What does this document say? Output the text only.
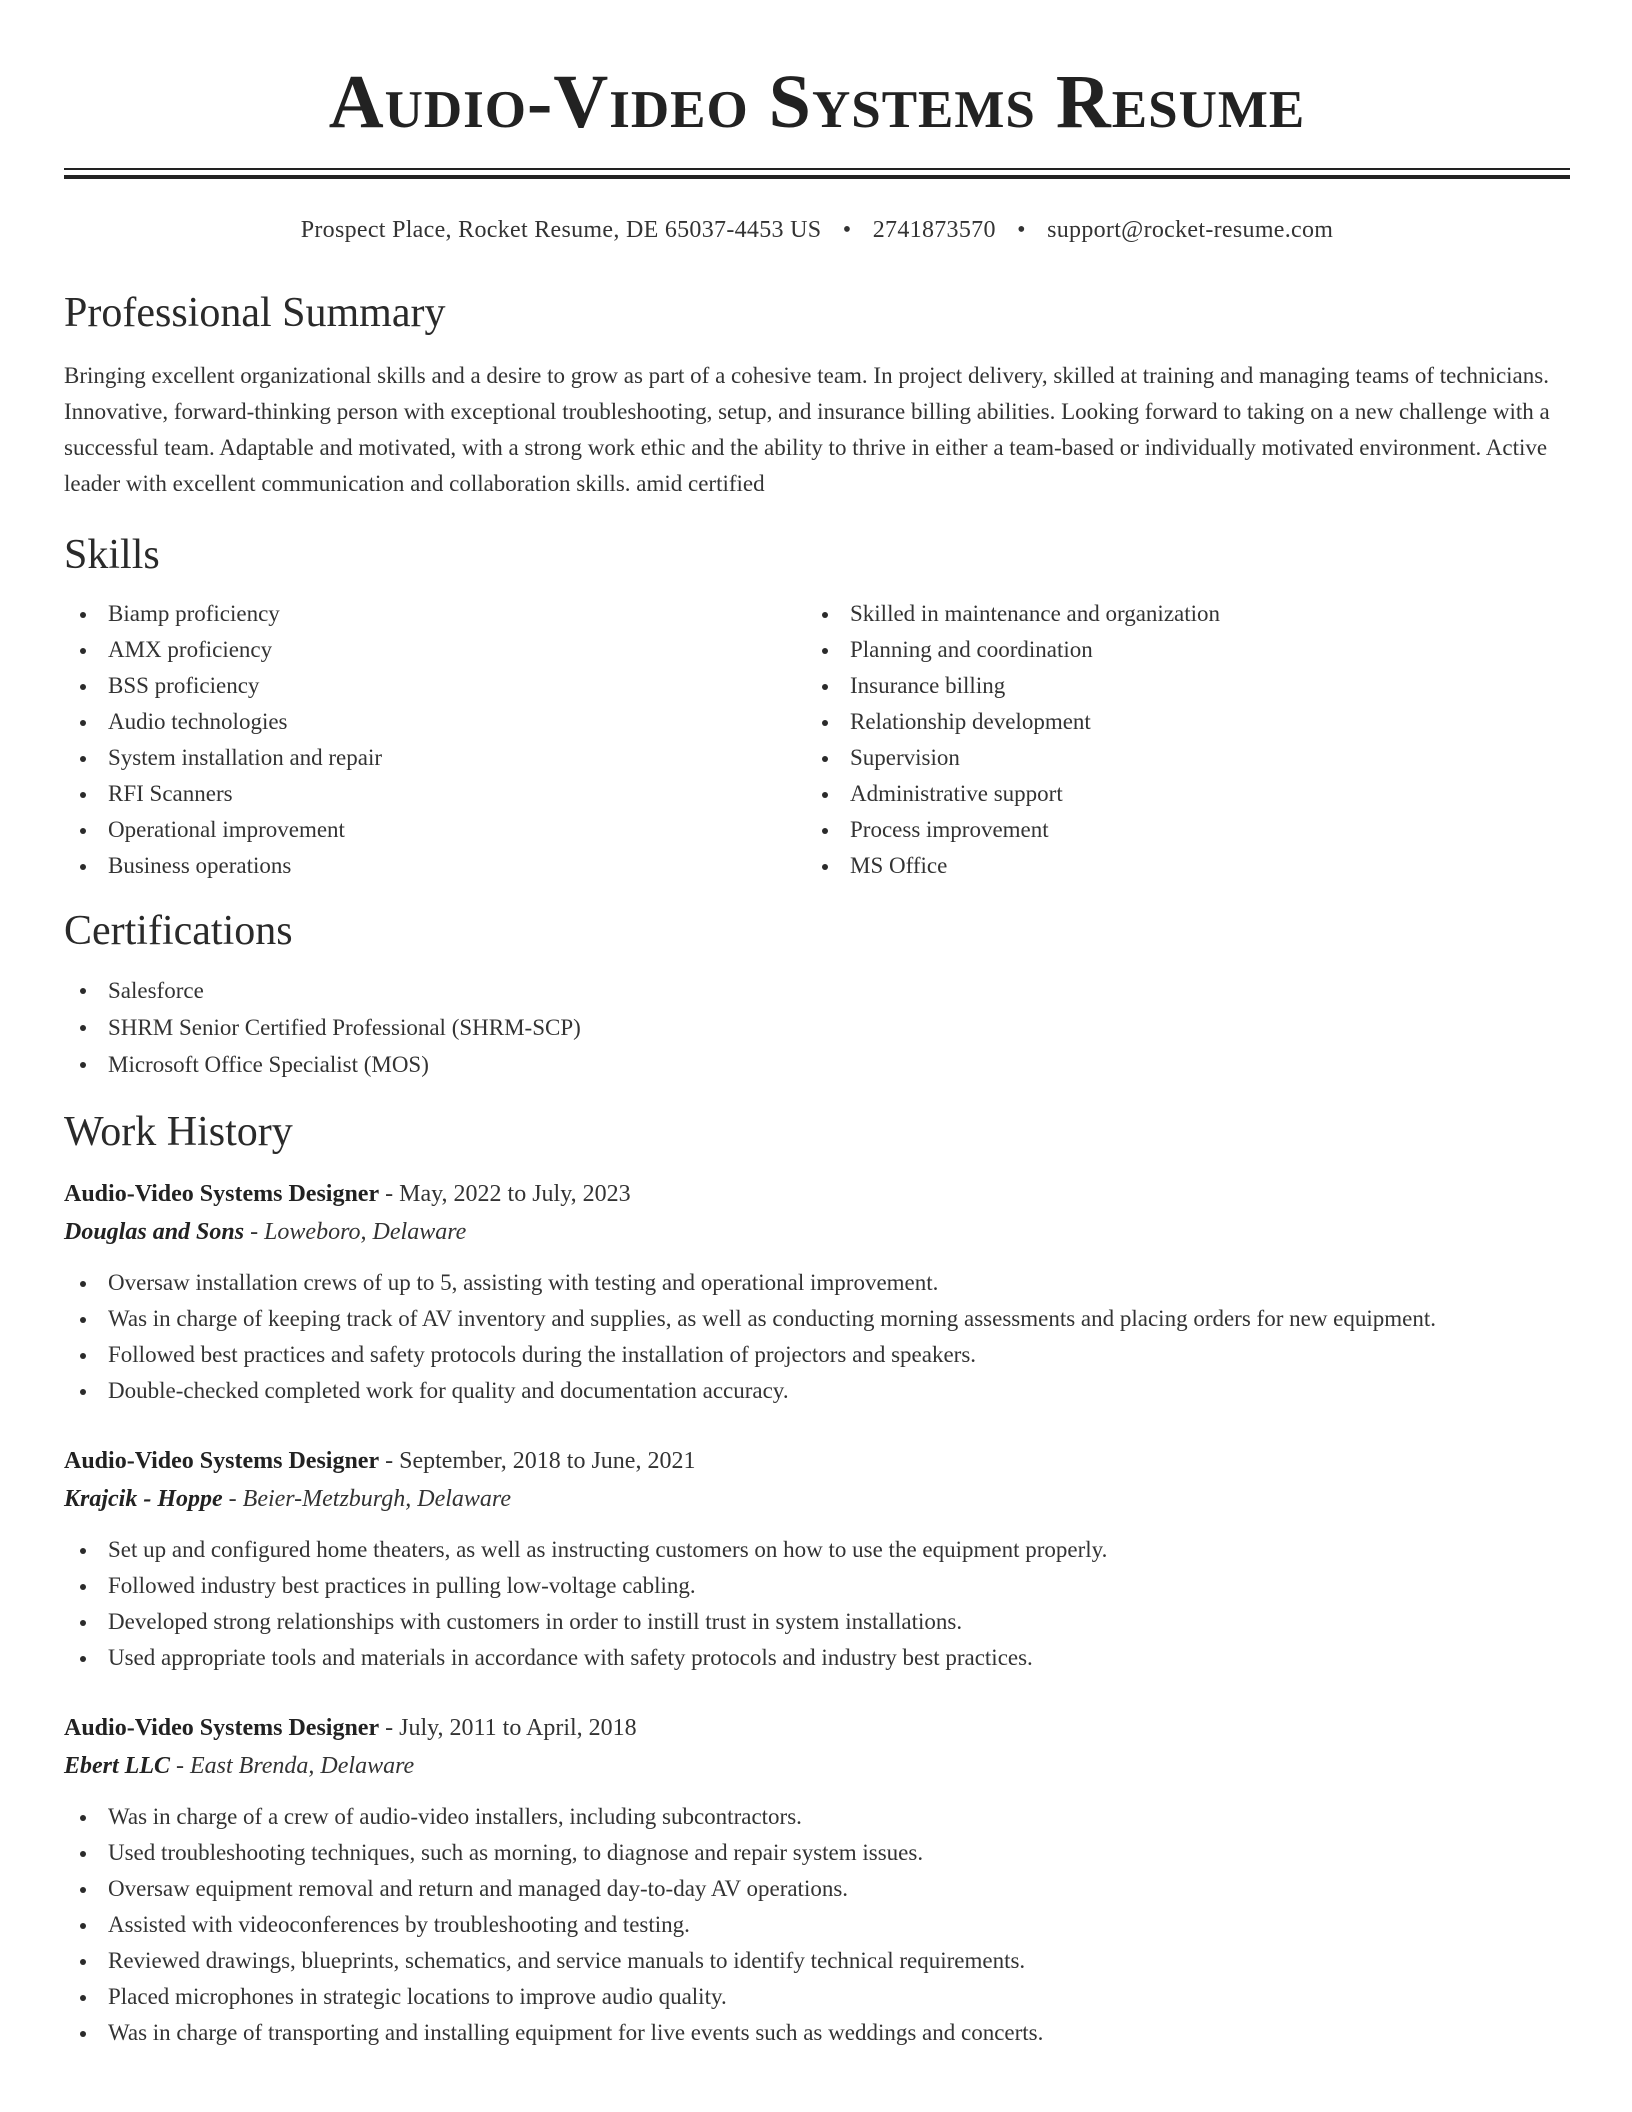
Audio-Video Systems Resume
Prospect Place, Rocket Resume, DE 65037-4453 US • 2741873570 • support@rocket-resume.com
Professional Summary

Bringing excellent organizational skills and a desire to grow as part of a cohesive team. In project delivery, skilled at training and managing teams of technicians. Innovative, forward-thinking person with exceptional troubleshooting, setup, and insurance billing abilities. Looking forward to taking on a new challenge with a successful team. Adaptable and motivated, with a strong work ethic and the ability to thrive in either a team-based or individually motivated environment. Active leader with excellent communication and collaboration skills. amid certified

Skills
Biamp proficiency
AMX proficiency
BSS proficiency
Audio technologies
System installation and repair
RFI Scanners
Operational improvement
Business operations
Skilled in maintenance and organization
Planning and coordination
Insurance billing
Relationship development
Supervision
Administrative support
Process improvement
MS Office
Certifications
Salesforce
SHRM Senior Certified Professional (SHRM-SCP)
Microsoft Office Specialist (MOS)
Work History
Audio-Video Systems Designer - May, 2022 to July, 2023
Douglas and Sons - Loweboro, Delaware
Oversaw installation crews of up to 5, assisting with testing and operational improvement.
Was in charge of keeping track of AV inventory and supplies, as well as conducting morning assessments and placing orders for new equipment.
Followed best practices and safety protocols during the installation of projectors and speakers.
Double-checked completed work for quality and documentation accuracy.
Audio-Video Systems Designer - September, 2018 to June, 2021
Krajcik - Hoppe - Beier-Metzburgh, Delaware
Set up and configured home theaters, as well as instructing customers on how to use the equipment properly.
Followed industry best practices in pulling low-voltage cabling.
Developed strong relationships with customers in order to instill trust in system installations.
Used appropriate tools and materials in accordance with safety protocols and industry best practices.
Audio-Video Systems Designer - July, 2011 to April, 2018
Ebert LLC - East Brenda, Delaware
Was in charge of a crew of audio-video installers, including subcontractors.
Used troubleshooting techniques, such as morning, to diagnose and repair system issues.
Oversaw equipment removal and return and managed day-to-day AV operations.
Assisted with videoconferences by troubleshooting and testing.
Reviewed drawings, blueprints, schematics, and service manuals to identify technical requirements.
Placed microphones in strategic locations to improve audio quality.
Was in charge of transporting and installing equipment for live events such as weddings and concerts.
